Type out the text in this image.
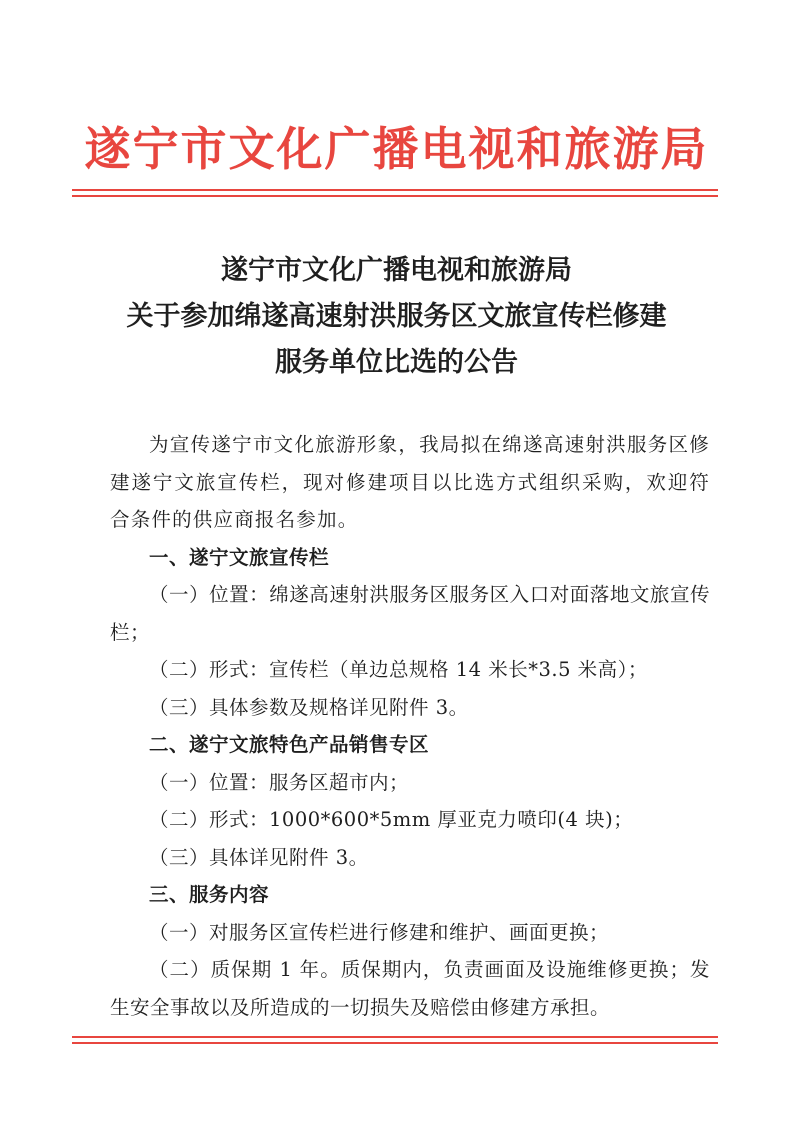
遂宁市文化广播电视和旅游局
遂宁市文化广播电视和旅游局
关于参加绵遂高速射洪服务区文旅宣传栏修建
服务单位比选的公告

为宣传遂宁市文化旅游形象，我局拟在绵遂高速射洪服务区修建遂宁文旅宣传栏，现对修建项目以比选方式组织采购，欢迎符合条件的供应商报名参加。

一、遂宁文旅宣传栏

（一）位置：绵遂高速射洪服务区服务区入口对面落地文旅宣传栏；

（二）形式：宣传栏（单边总规格 14 米长*3.5 米高）；

（三）具体参数及规格详见附件 3。

二、遂宁文旅特色产品销售专区

（一）位置：服务区超市内；

（二）形式：1000*600*5mm 厚亚克力喷印(4 块)；

（三）具体详见附件 3。

三、服务内容

（一）对服务区宣传栏进行修建和维护、画面更换；

（二）质保期 1 年。质保期内，负责画面及设施维修更换；发生安全事故以及所造成的一切损失及赔偿由修建方承担。
